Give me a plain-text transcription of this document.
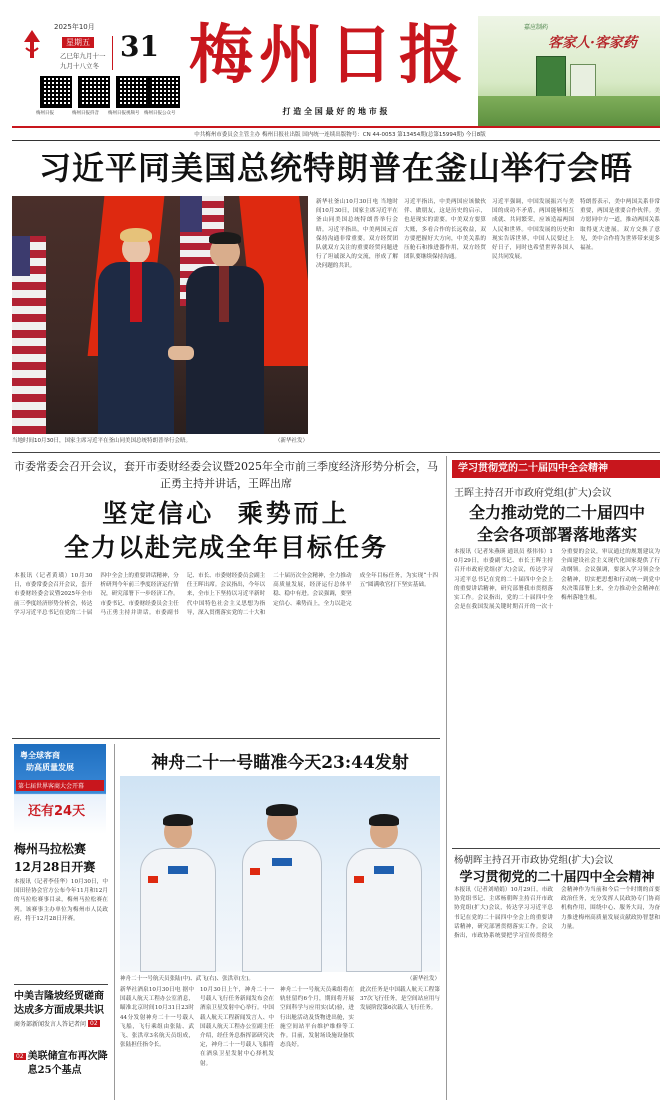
2025年10月
星期五 31
乙巳年九月十一
九月十八立冬
梅州日报	梅州日报抖音 梅州日报视频号 梅州日报公众号
梅州日报
打 造 全 国 最 好 的 地 市 报
嘉应制药
客家人·客家药
中共梅州市委员会主管主办 梅州日报社出版 国内统一连续出版物号：CN 44-0053 第13454期(总第15994期) 今日8版
习近平同美国总统特朗普在釜山举行会晤
当地时间10月30日，国家主席习近平在釜山同美国总统特朗普举行会晤。	（新华社发）
新华社釜山10月30日电 当地时间10月30日，国家主席习近平在釜山同美国总统特朗普举行会晤。习近平指出，中美两国元首保持沟通非常重要。双方经贸团队就双方关注的重要经贸问题进行了坦诚深入的交流，形成了解决问题的共识。
习近平指出，中美两国应该做伙伴、做朋友，这是历史的启示，也是现实的需要。中美双方要算大账，多看合作的长远收益，双方要把握好大方向，中美关系的压舱石和推进器作用，双方经贸团队要继续保持沟通。
习近平强调，中国发展振兴与美国的成功不矛盾，两国能够相互成就、共同繁荣，应该造福两国人民和世界。中国发展的历史和现实告诉世界，中国人民要过上好日子，同时也希望世界各国人民共同发展。
特朗普表示，美中两国关系非常重要，两国是重要合作伙伴。美方愿同中方一道，推动两国关系取得更大进展。双方交换了意见，美中合作将为世界带来更多福祉。
市委常委会召开会议，套开市委财经委会议暨2025年全市前三季度经济形势分析会，马正勇主持并讲话，王晖出席
坚定信心  乘势而上
全力以赴完成全年目标任务
本报讯（记者黄璜）10月30日，市委常委会召开会议，套开市委财经委会议暨2025年全市前三季度经济形势分析会，传达学习习近平总书记在党的二十届四中全会上的重要讲话精神，分析研判今年前三季度经济运行情况，研究部署下一步经济工作。市委书记、市委财经委员会主任马正勇主持并讲话。市委副书记、市长、市委财经委员会副主任王晖出席。会议指出，今年以来，全市上下坚持以习近平新时代中国特色社会主义思想为指导，深入贯彻落实党的二十大和二十届历次全会精神，全力推动高质量发展，经济运行总体平稳、稳中有进。会议强调，要坚定信心、乘势而上，全力以赴完成全年目标任务，为实现“十四五”圆满收官打下坚实基础。
学习贯彻党的二十届四中全会精神
王晖主持召开市政府党组(扩大)会议
全力推动党的二十届四中
全会各项部署落地落实
本报讯（记者朱燕瑛 通讯员 蔡伟伟）10月29日，市委副书记、市长王晖主持召开市政府党组(扩大)会议，传达学习习近平总书记在党的二十届四中全会上的重要讲话精神，研究部署我市贯彻落实工作。会议指出，党的二十届四中全会是在我国发展关键时期召开的一次十分重要的会议，审议通过的规划建议为全面建设社会主义现代化国家提供了行动纲领。会议强调，要深入学习领会全会精神，切实把思想和行动统一到党中央决策部署上来，全力推动全会精神在梅州落地生根。
杨朝晖主持召开市政协党组(扩大)会议
学习贯彻党的二十届四中全会精神
本报讯（记者刘晴娟）10月29日，市政协党组书记、主席杨朝晖主持召开市政协党组(扩大)会议，传达学习习近平总书记在党的二十届四中全会上的重要讲话精神，研究部署贯彻落实工作。会议指出，市政协系统要把学习宣传贯彻全会精神作为当前和今后一个时期的首要政治任务，充分发挥人民政协专门协商机构作用，围绕中心、服务大局，为奋力推进梅州高质量发展贡献政协智慧和力量。
粤全球客商
助高质量发展
第七届世界客商大会开幕
还有24天
梅州马拉松赛
12月28日开赛
本报讯（记者李佳华）10月30日，中国田径协会官方公布今年11月和12月的马拉松赛事目录，梅州马拉松赛在列。该赛事主办单位为梅州市人民政府，将于12月28日开赛。
中美吉隆坡经贸磋商达成多方面成果共识
商务部新闻发言人答记者问 02
02 美联储宣布再次降息25个基点
神舟二十一号瞄准今天23:44发射
神舟二十一号航天员张陆(中)、武飞(右)、张洪章(左)。	（新华社发）
新华社酒泉10月30日电 据中国载人航天工程办公室消息，瞄准北京时间10月31日23时44分发射神舟二十一号载人飞船，飞行乘组由张陆、武飞、张洪章3名航天员组成，张陆担任指令长。
10月30日上午，神舟二十一号载人飞行任务新闻发布会在酒泉卫星发射中心举行。中国载人航天工程新闻发言人、中国载人航天工程办公室副主任介绍，经任务总指挥部研究决定，神舟二十一号载人飞船将在酒泉卫星发射中心择机发射。
神舟二十一号航天员乘组将在轨驻留约6个月，期间将开展空间科学与应用实(试)验，进行出舱活动及货物进出舱，实施空间站平台维护维修等工作。目前，发射场设施设备状态良好。
此次任务是中国载人航天工程第37次飞行任务，是空间站应用与发展阶段第6次载人飞行任务。
